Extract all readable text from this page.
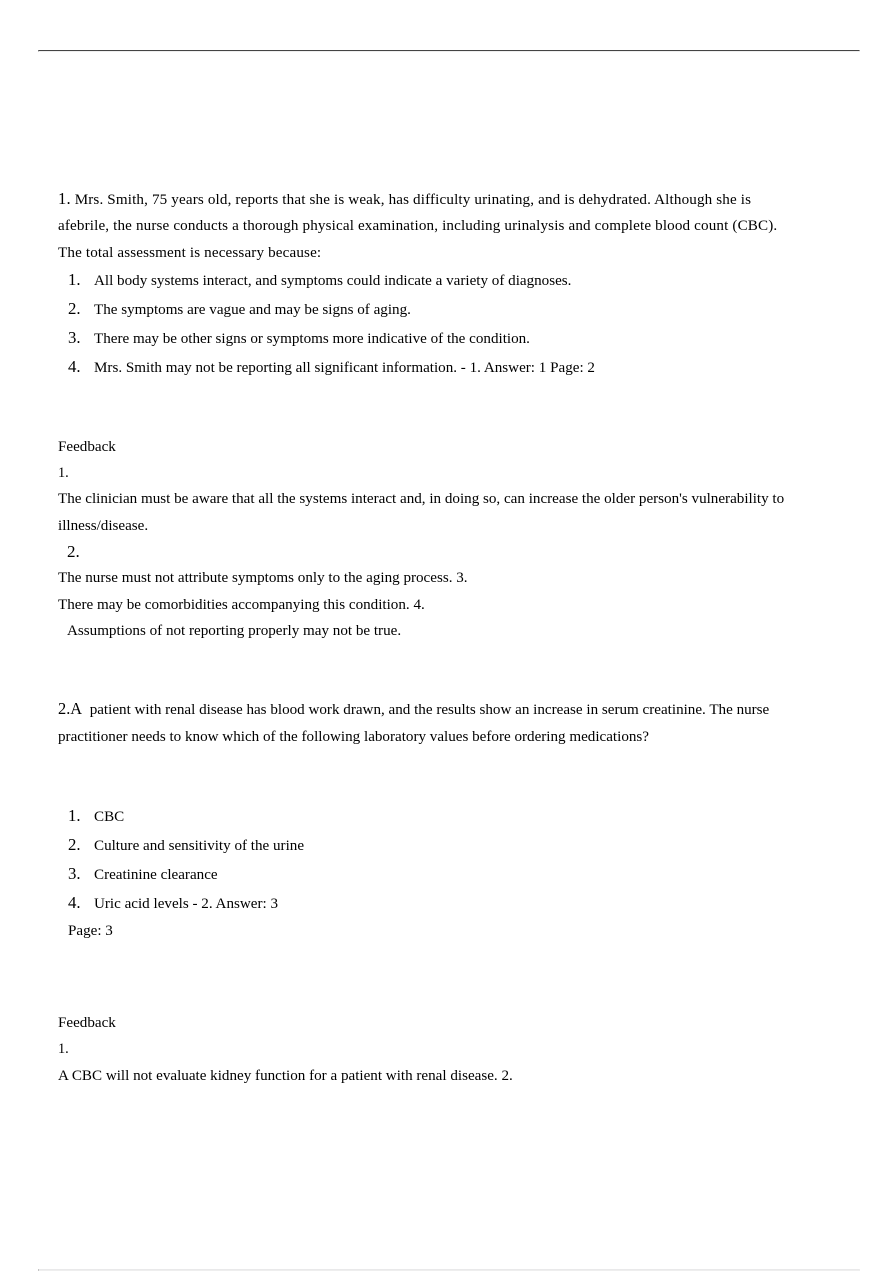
1. Mrs. Smith, 75 years old, reports that she is weak, has difficulty urinating, and is dehydrated. Although she is afebrile, the nurse conducts a thorough physical examination, including urinalysis and complete blood count (CBC). The total assessment is necessary because:

1. All body systems interact, and symptoms could indicate a variety of diagnoses.
2. The symptoms are vague and may be signs of aging.
3. There may be other signs or symptoms more indicative of the condition.
4. Mrs. Smith may not be reporting all significant information. - 1. Answer: 1 Page: 2

Feedback

1.

The clinician must be aware that all the systems interact and, in doing so, can increase the older person's vulnerability to illness/disease.

2.

The nurse must not attribute symptoms only to the aging process. 3.

There may be comorbidities accompanying this condition. 4.

Assumptions of not reporting properly may not be true.

2.A patient with renal disease has blood work drawn, and the results show an increase in serum creatinine. The nurse practitioner needs to know which of the following laboratory values before ordering medications?

1. CBC
2. Culture and sensitivity of the urine
3. Creatinine clearance
4. Uric acid levels - 2. Answer: 3

Page: 3

Feedback

1.

A CBC will not evaluate kidney function for a patient with renal disease. 2.
